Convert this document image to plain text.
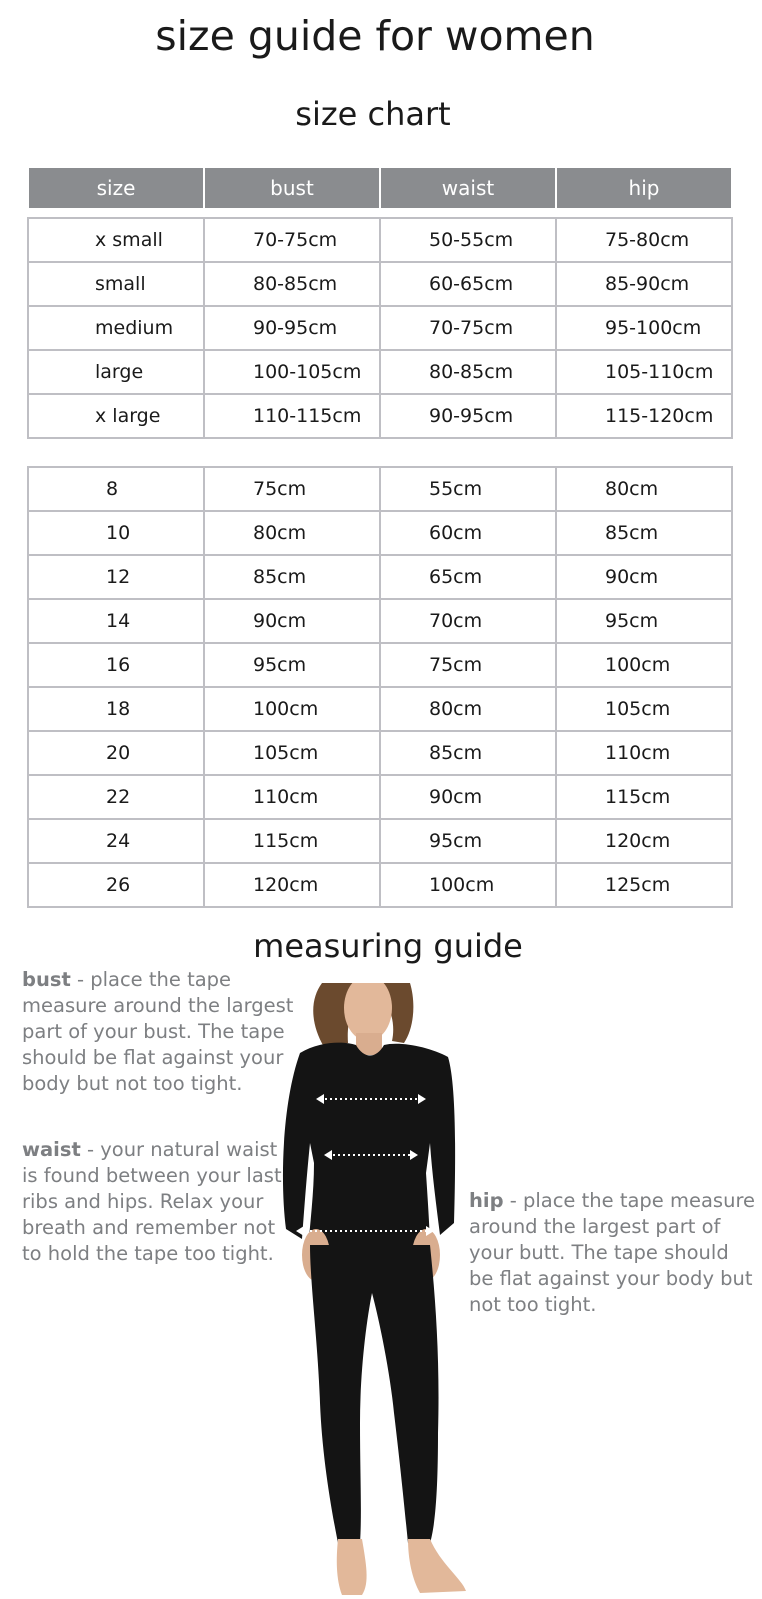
size guide for women
size chart
size	bust	waist	hip
x small	70-75cm	50-55cm	75-80cm
small	80-85cm	60-65cm	85-90cm
medium	90-95cm	70-75cm	95-100cm
large	100-105cm	80-85cm	105-110cm
x large	110-115cm	90-95cm	115-120cm
8	75cm	55cm	80cm
10	80cm	60cm	85cm
12	85cm	65cm	90cm
14	90cm	70cm	95cm
16	95cm	75cm	100cm
18	100cm	80cm	105cm
20	105cm	85cm	110cm
22	110cm	90cm	115cm
24	115cm	95cm	120cm
26	120cm	100cm	125cm
measuring guide

bust - place the tape measure around the largest part of your bust. The tape should be flat against your body but not too tight.

waist - your natural waist is found between your last ribs and hips. Relax your breath and remember not to hold the tape too tight.

hip - place the tape measure around the largest part of your butt. The tape should be flat against your body but not too tight.
